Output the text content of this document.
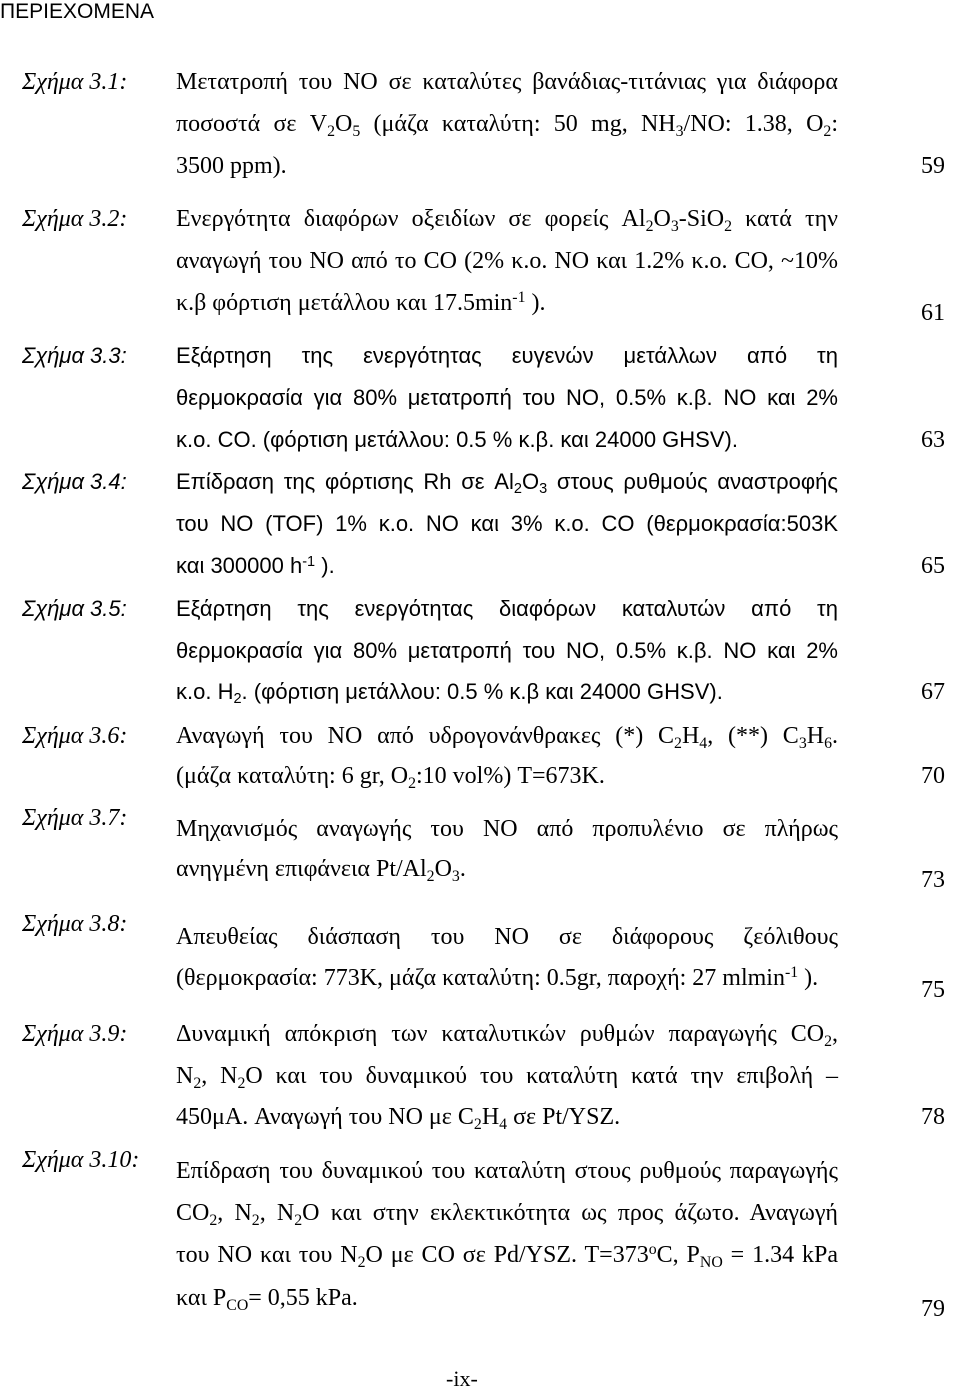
ΠΕΡΙΕΧΟΜΕΝΑ
Σχήμα 3.1: Μετατροπή του ΝΟ σε καταλύτες βανάδιας-τιτάνιας για διάφορα
ποσοστά σε V2O5 (μάζα καταλύτη: 50 mg, NH3/NO: 1.38, O2:
3500 ppm).	59
Σχήμα 3.2: Ενεργότητα διαφόρων οξειδίων σε φορείς Al2O3-SiO2 κατά την
αναγωγή του ΝΟ από το CO (2% κ.ο. ΝΟ και 1.2% κ.ο. CO, ~10%
κ.β φόρτιση μετάλλου και $17.5\min^{-1}$ ).	61
Σχήμα 3.3: Εξάρτηση της ενεργότητας ευγενών μετάλλων από τη
θερμοκρασία για 80% μετατροπή του ΝΟ, 0.5% κ.β. ΝΟ και 2%
κ.ο. CO. (φόρτιση μετάλλου: 0.5 % κ.β. και 24000 GHSV).	63
Σχήμα 3.4: Επίδραση της φόρτισης Rh σε Al2O3 στους ρυθμούς αναστροφής
του ΝΟ (TOF) 1% κ.ο. ΝΟ και 3% κ.ο. CO (θερμοκρασία:503K
και 300000 $h^{-1}$ ).	65
Σχήμα 3.5: Εξάρτηση της ενεργότητας διαφόρων καταλυτών από τη
θερμοκρασία για 80% μετατροπή του ΝΟ, 0.5% κ.β. ΝΟ και 2%
κ.ο. H2. (φόρτιση μετάλλου: 0.5 % κ.β και 24000 GHSV).	67
Σχήμα 3.6: Αναγωγή του ΝΟ από υδρογονάνθρακες (*) C2H4, (**) C3H6.
(μάζα καταλύτη: 6 gr, O2:10 vol%) T=673K.	70
Σχήμα 3.7: Μηχανισμός αναγωγής του ΝΟ από προπυλένιο σε πλήρως
ανηγμένη επιφάνεια Pt/Al2O3.	73
Σχήμα 3.8: Απευθείας διάσπαση του ΝΟ σε διάφορους ζεόλιθους
(θερμοκρασία: 773K, μάζα καταλύτη: 0.5gr, παροχή: 27 mlmin$^{-1}$ ).	75
Σχήμα 3.9: Δυναμική απόκριση των καταλυτικών ρυθμών παραγωγής CO2,
N2, N2O και του δυναμικού του καταλύτη κατά την επιβολή –
450μA. Αναγωγή του ΝΟ με C2H4 σε Pt/YSZ.	78
Σχήμα 3.10: Επίδραση του δυναμικού του καταλύτη στους ρυθμούς παραγωγής
CO2, N2, N2O και στην εκλεκτικότητα ως προς άζωτο. Αναγωγή
του ΝΟ και του N2O με CO σε Pd/YSZ. $T=373^oC$, PNO = 1.34 kPa
και PCO= 0,55 kPa.	79
-ix-
